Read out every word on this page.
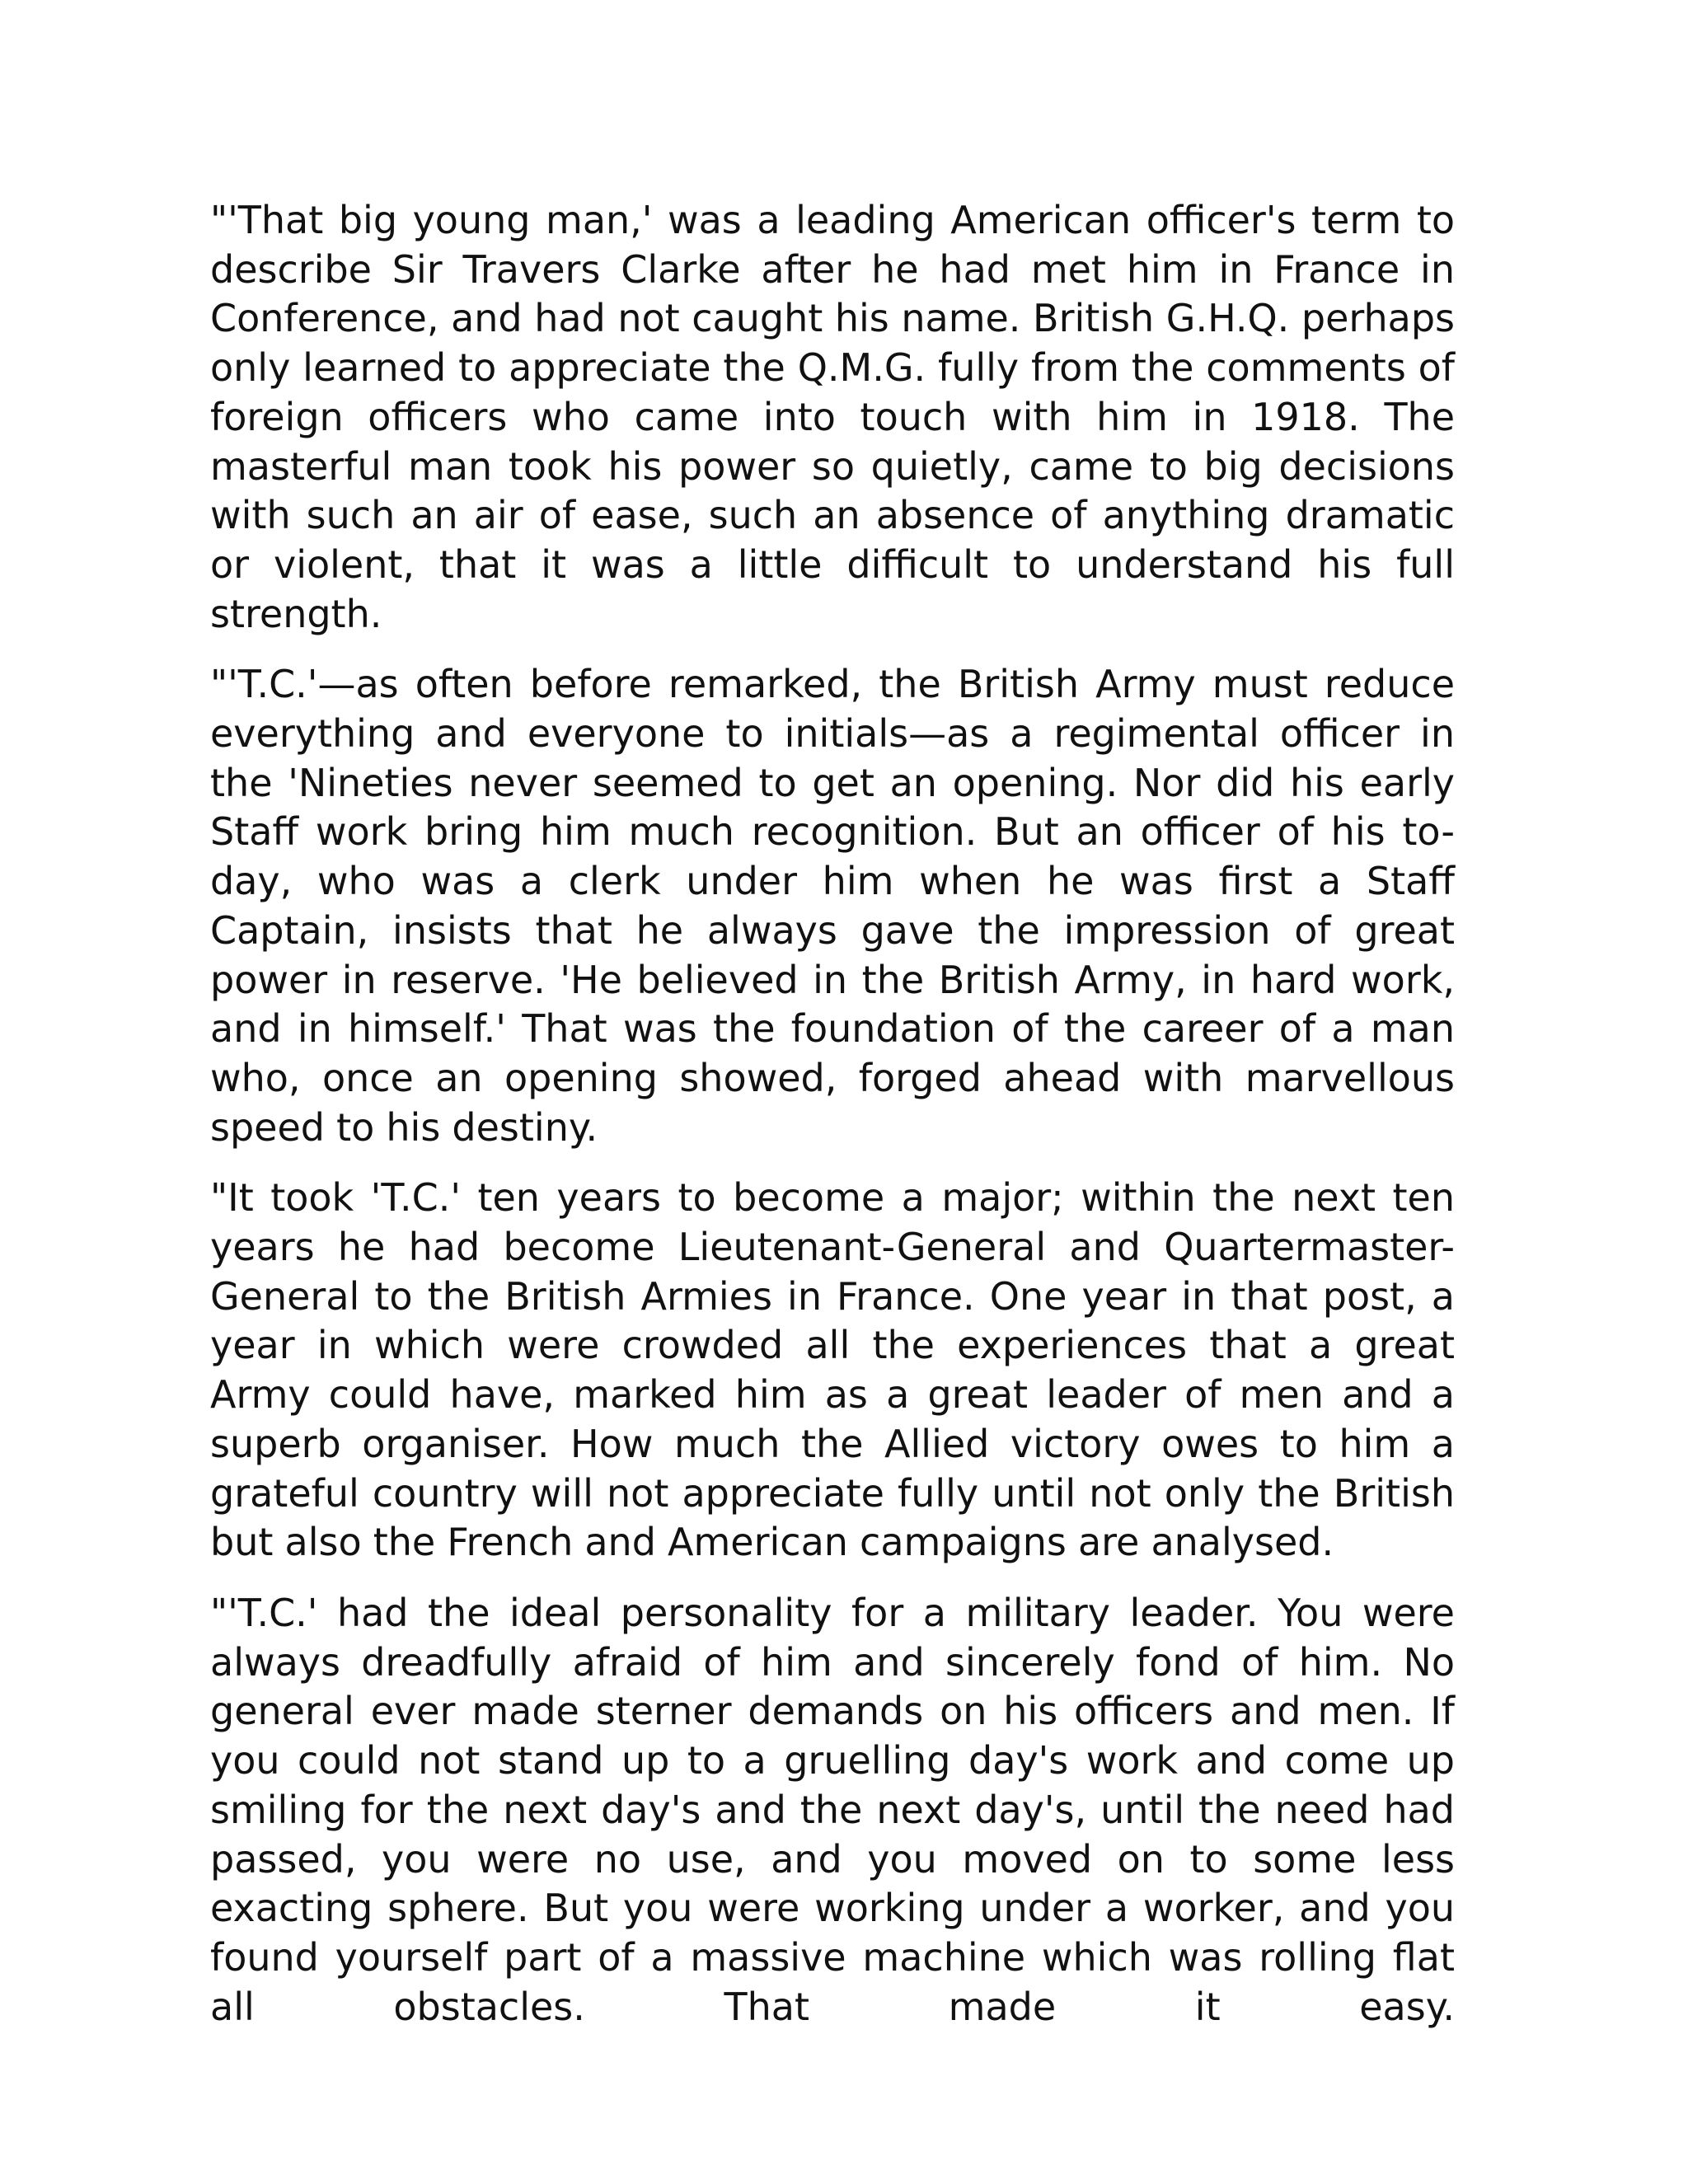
"'That big young man,' was a leading American officer's term to describe Sir Travers Clarke after he had met him in France in Conference, and had not caught his name. British G.H.Q. perhaps only learned to appreciate the Q.M.G. fully from the comments of foreign officers who came into touch with him in 1918. The masterful man took his power so quietly, came to big decisions with such an air of ease, such an absence of anything dramatic or violent, that it was a little difficult to understand his full strength.

"'T.C.'—as often before remarked, the British Army must reduce everything and everyone to initials—as a regimental officer in the 'Nineties never seemed to get an opening. Nor did his early Staff work bring him much recognition. But an officer of his to-day, who was a clerk under him when he was first a Staff Captain, insists that he always gave the impression of great power in reserve. 'He believed in the British Army, in hard work, and in himself.' That was the foundation of the career of a man who, once an opening showed, forged ahead with marvellous speed to his destiny.

"It took 'T.C.' ten years to become a major; within the next ten years he had become Lieutenant-General and Quartermaster-General to the British Armies in France. One year in that post, a year in which were crowded all the experiences that a great Army could have, marked him as a great leader of men and a superb organiser. How much the Allied victory owes to him a grateful country will not appreciate fully until not only the British but also the French and American campaigns are analysed.

"'T.C.' had the ideal personality for a military leader. You were always dreadfully afraid of him and sincerely fond of him. No general ever made sterner demands on his officers and men. If you could not stand up to a gruelling day's work and come up smiling for the next day's and the next day's, until the need had passed, you were no use, and you moved on to some less exacting sphere. But you were working under a worker, and you found yourself part of a massive machine which was rolling flat all obstacles. That made it easy.
